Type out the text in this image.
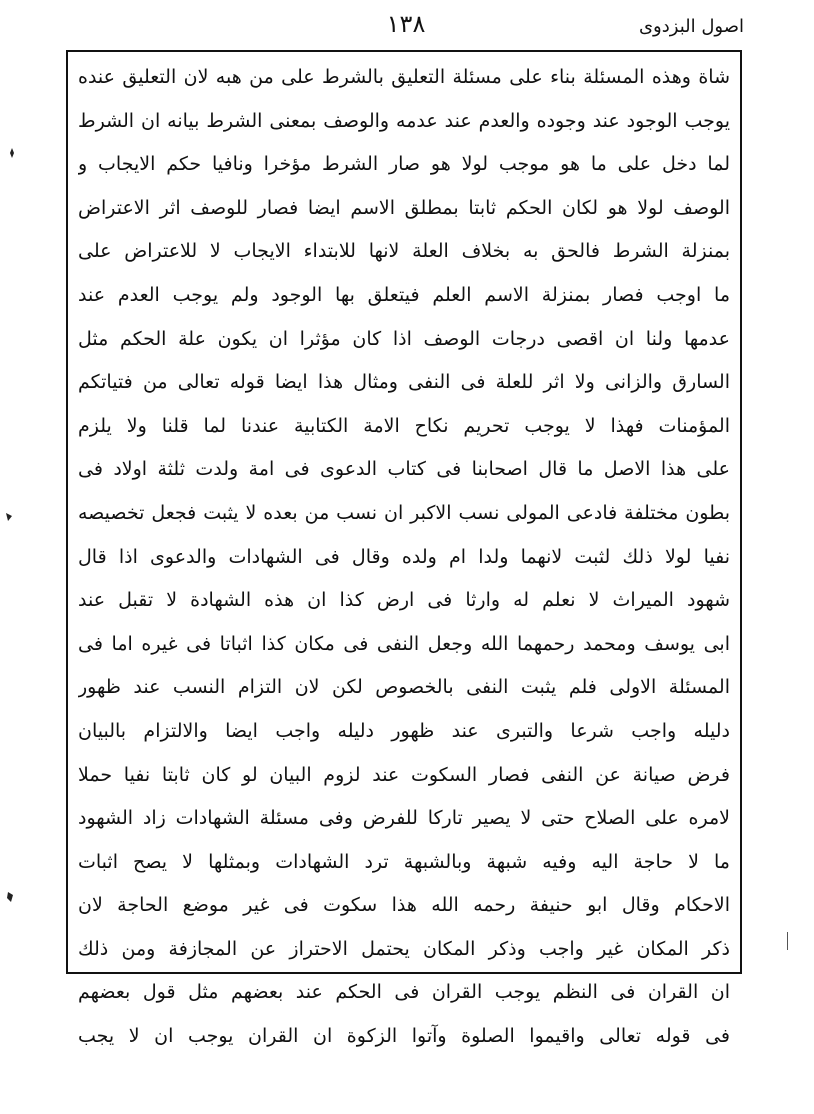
۱۳۸	اصول البزدوی
شاة وهذه المسئلة بناء على مسئلة التعليق بالشرط على من هبه لان التعليق عنده
يوجب الوجود عند وجوده والعدم عند عدمه والوصف بمعنى الشرط بيانه ان الشرط
لما دخل على ما هو موجب لولا هو صار الشرط مؤخرا ونافيا حكم الايجاب و
الوصف لولا هو لكان الحكم ثابتا بمطلق الاسم ايضا فصار للوصف اثر الاعتراض
بمنزلة الشرط فالحق به بخلاف العلة لانها للابتداء الايجاب لا للاعتراض على
ما اوجب فصار بمنزلة الاسم العلم فيتعلق بها الوجود ولم يوجب العدم عند
عدمها ولنا ان اقصى درجات الوصف اذا كان مؤثرا ان يكون علة الحكم مثل
السارق والزانى ولا اثر للعلة فى النفى ومثال هذا ايضا قوله تعالى من فتياتكم
المؤمنات فهذا لا يوجب تحريم نكاح الامة الكتابية عندنا لما قلنا ولا يلزم
على هذا الاصل ما قال اصحابنا فى كتاب الدعوى فى امة ولدت ثلثة اولاد فى
بطون مختلفة فادعى المولى نسب الاكبر ان نسب من بعده لا يثبت فجعل تخصيصه
نفيا لولا ذلك لثبت لانهما ولدا ام ولده وقال فى الشهادات والدعوى اذا قال
شهود الميراث لا نعلم له وارثا فى ارض كذا ان هذه الشهادة لا تقبل عند
ابى يوسف ومحمد رحمهما الله وجعل النفى فى مكان كذا اثباتا فى غيره اما فى
المسئلة الاولى فلم يثبت النفى بالخصوص لكن لان التزام النسب عند ظهور
دليله واجب شرعا والتبرى عند ظهور دليله واجب ايضا والالتزام بالبيان
فرض صيانة عن النفى فصار السكوت عند لزوم البيان لو كان ثابتا نفيا حملا
لامره على الصلاح حتى لا يصير تاركا للفرض وفى مسئلة الشهادات زاد الشهود
ما لا حاجة اليه وفيه شبهة وبالشبهة ترد الشهادات وبمثلها لا يصح اثبات
الاحكام وقال ابو حنيفة رحمه الله هذا سكوت فى غير موضع الحاجة لان
ذكر المكان غير واجب وذكر المكان يحتمل الاحتراز عن المجازفة ومن ذلك
ان القران فى النظم يوجب القران فى الحكم عند بعضهم مثل قول بعضهم
فى قوله تعالى واقيموا الصلوة وآتوا الزكوة ان القران يوجب ان لا يجب
